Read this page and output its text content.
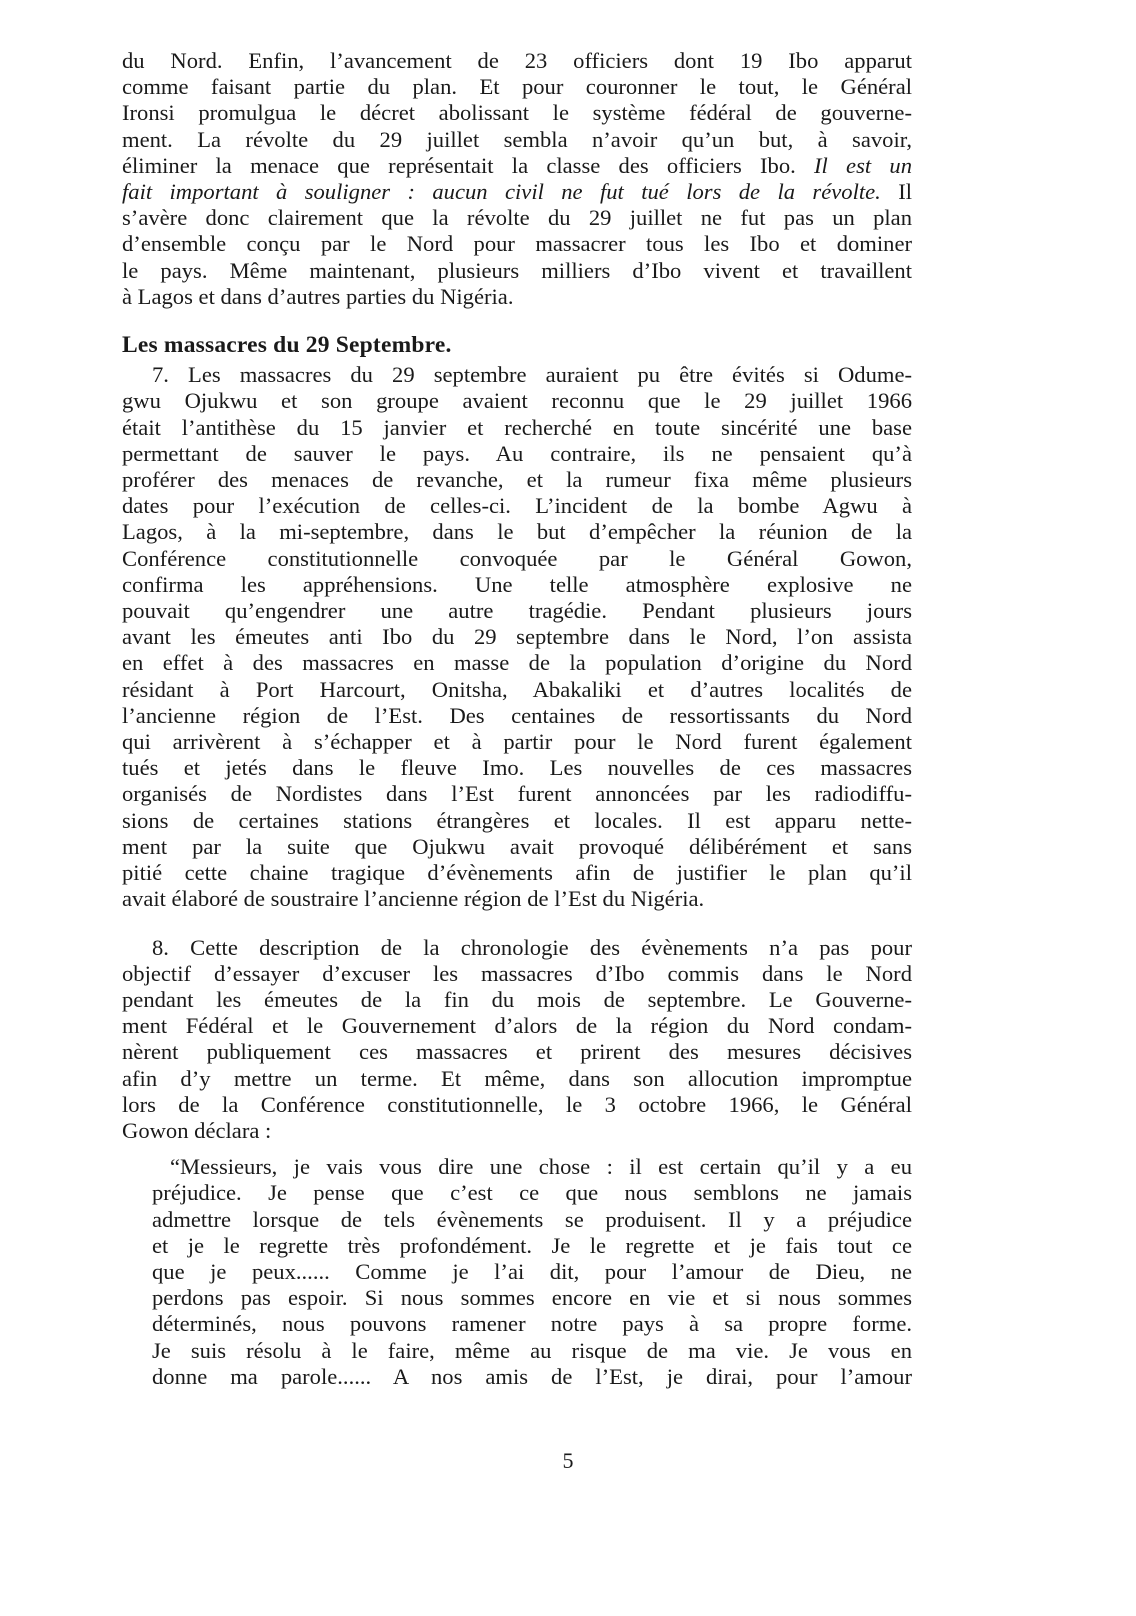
du Nord. Enfin, l’avancement de 23 officiers dont 19 Ibo apparut
comme faisant partie du plan. Et pour couronner le tout, le Général
Ironsi promulgua le décret abolissant le système fédéral de gouverne-
ment. La révolte du 29 juillet sembla n’avoir qu’un but, à savoir,
éliminer la menace que représentait la classe des officiers Ibo. Il est un
fait important à souligner : aucun civil ne fut tué lors de la révolte. Il
s’avère donc clairement que la révolte du 29 juillet ne fut pas un plan
d’ensemble conçu par le Nord pour massacrer tous les Ibo et dominer
le pays. Même maintenant, plusieurs milliers d’Ibo vivent et travaillent
à Lagos et dans d’autres parties du Nigéria.
Les massacres du 29 Septembre.
7. Les massacres du 29 septembre auraient pu être évités si Odume-
gwu Ojukwu et son groupe avaient reconnu que le 29 juillet 1966
était l’antithèse du 15 janvier et recherché en toute sincérité une base
permettant de sauver le pays. Au contraire, ils ne pensaient qu’à
proférer des menaces de revanche, et la rumeur fixa même plusieurs
dates pour l’exécution de celles-ci. L’incident de la bombe Agwu à
Lagos, à la mi-septembre, dans le but d’empêcher la réunion de la
Conférence constitutionnelle convoquée par le Général Gowon,
confirma les appréhensions. Une telle atmosphère explosive ne
pouvait qu’engendrer une autre tragédie. Pendant plusieurs jours
avant les émeutes anti Ibo du 29 septembre dans le Nord, l’on assista
en effet à des massacres en masse de la population d’origine du Nord
résidant à Port Harcourt, Onitsha, Abakaliki et d’autres localités de
l’ancienne région de l’Est. Des centaines de ressortissants du Nord
qui arrivèrent à s’échapper et à partir pour le Nord furent également
tués et jetés dans le fleuve Imo. Les nouvelles de ces massacres
organisés de Nordistes dans l’Est furent annoncées par les radiodiffu-
sions de certaines stations étrangères et locales. Il est apparu nette-
ment par la suite que Ojukwu avait provoqué délibérément et sans
pitié cette chaine tragique d’évènements afin de justifier le plan qu’il
avait élaboré de soustraire l’ancienne région de l’Est du Nigéria.
8. Cette description de la chronologie des évènements n’a pas pour
objectif d’essayer d’excuser les massacres d’Ibo commis dans le Nord
pendant les émeutes de la fin du mois de septembre. Le Gouverne-
ment Fédéral et le Gouvernement d’alors de la région du Nord condam-
nèrent publiquement ces massacres et prirent des mesures décisives
afin d’y mettre un terme. Et même, dans son allocution impromptue
lors de la Conférence constitutionnelle, le 3 octobre 1966, le Général
Gowon déclara :
“Messieurs, je vais vous dire une chose : il est certain qu’il y a eu
préjudice. Je pense que c’est ce que nous semblons ne jamais
admettre lorsque de tels évènements se produisent. Il y a préjudice
et je le regrette très profondément. Je le regrette et je fais tout ce
que je peux...... Comme je l’ai dit, pour l’amour de Dieu, ne
perdons pas espoir. Si nous sommes encore en vie et si nous sommes
déterminés, nous pouvons ramener notre pays à sa propre forme.
Je suis résolu à le faire, même au risque de ma vie. Je vous en
donne ma parole...... A nos amis de l’Est, je dirai, pour l’amour
5
